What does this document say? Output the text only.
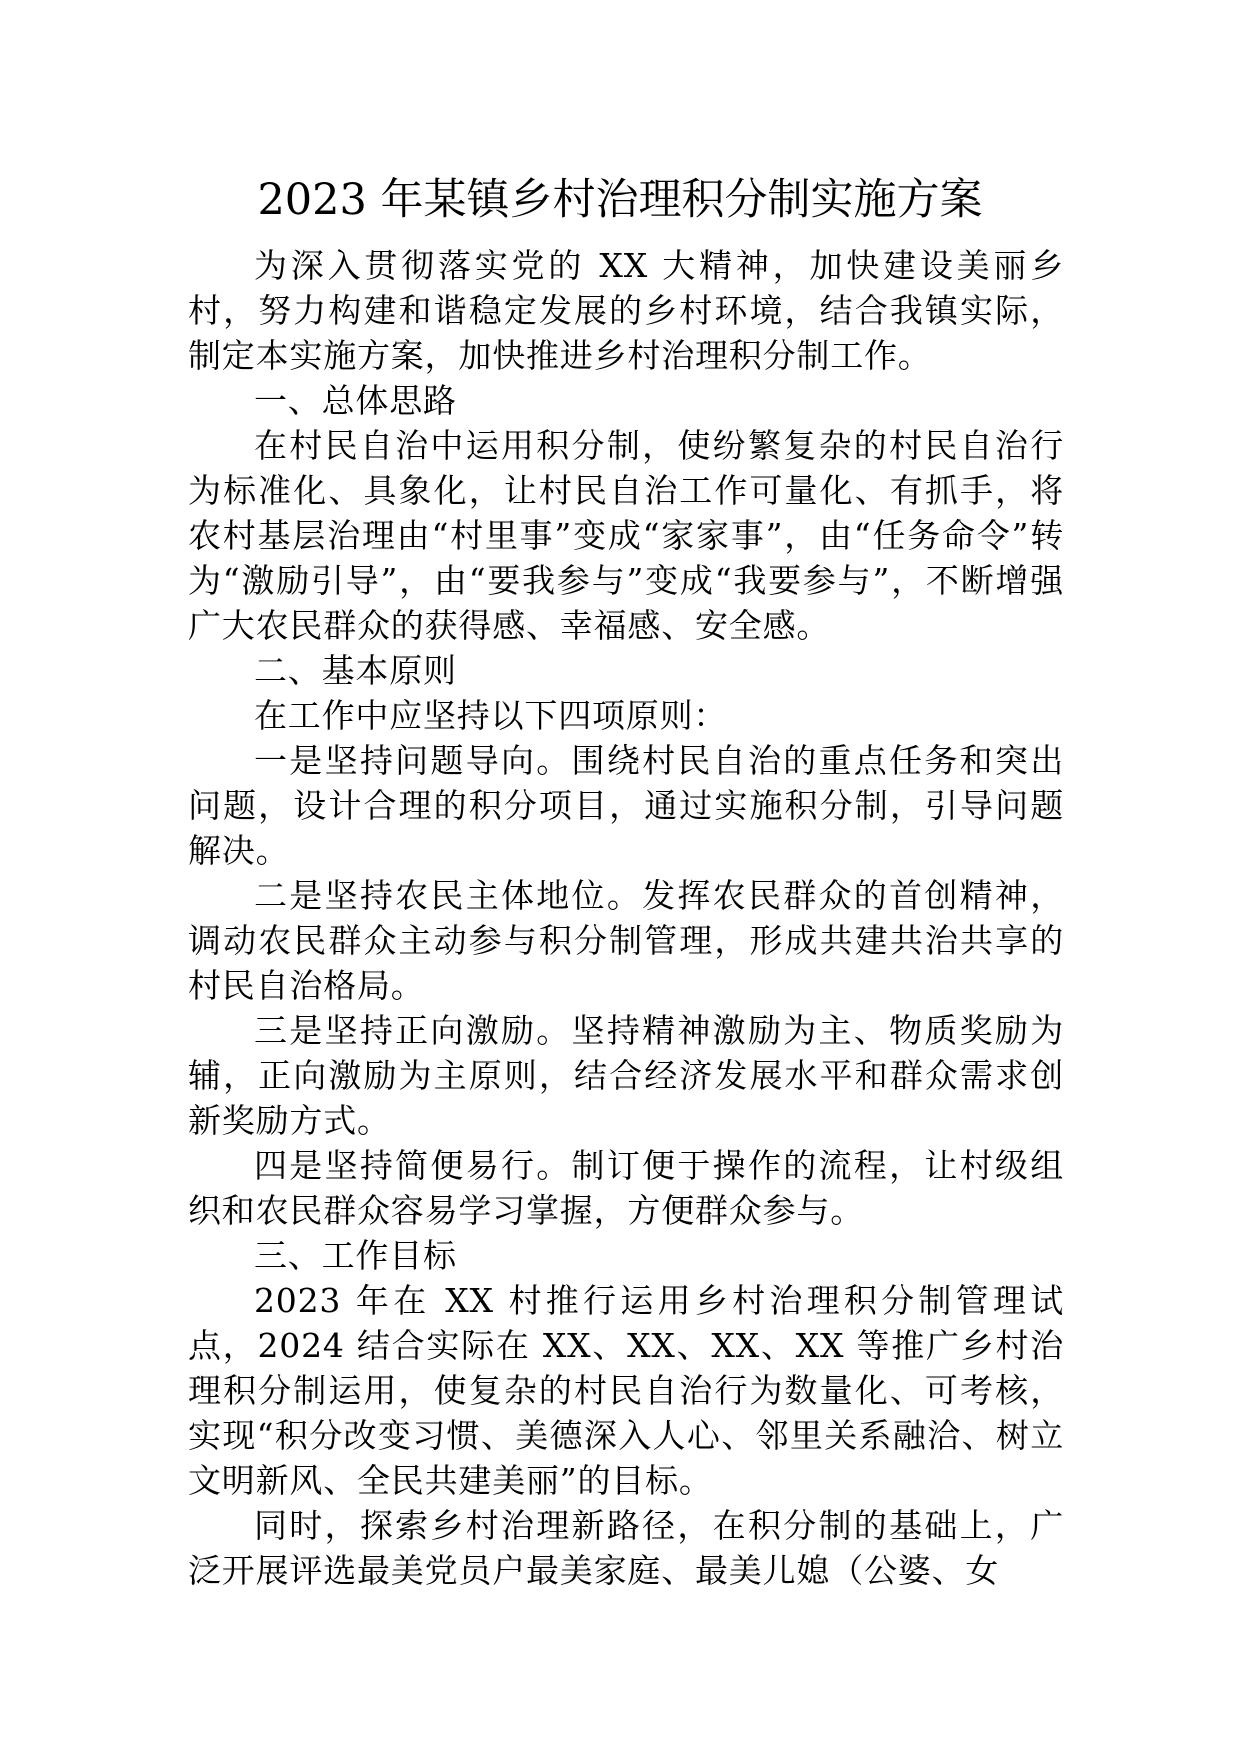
2023 年某镇乡村治理积分制实施方案

为深入贯彻落实党的 XX 大精神，加快建设美丽乡村，努力构建和谐稳定发展的乡村环境，结合我镇实际，制定本实施方案，加快推进乡村治理积分制工作。

一、总体思路

在村民自治中运用积分制，使纷繁复杂的村民自治行为标准化、具象化，让村民自治工作可量化、有抓手，将农村基层治理由“村里事”变成“家家事”，由“任务命令”转为“激励引导”，由“要我参与”变成“我要参与”，不断增强广大农民群众的获得感、幸福感、安全感。

二、基本原则

在工作中应坚持以下四项原则：

一是坚持问题导向。围绕村民自治的重点任务和突出问题，设计合理的积分项目，通过实施积分制，引导问题解决。

二是坚持农民主体地位。发挥农民群众的首创精神，调动农民群众主动参与积分制管理，形成共建共治共享的村民自治格局。

三是坚持正向激励。坚持精神激励为主、物质奖励为辅，正向激励为主原则，结合经济发展水平和群众需求创新奖励方式。

四是坚持简便易行。制订便于操作的流程，让村级组织和农民群众容易学习掌握，方便群众参与。

三、工作目标

2023 年在 XX 村推行运用乡村治理积分制管理试点，2024 结合实际在 XX、XX、XX、XX 等推广乡村治理积分制运用，使复杂的村民自治行为数量化、可考核，实现“积分改变习惯、美德深入人心、邻里关系融洽、树立文明新风、全民共建美丽”的目标。

同时，探索乡村治理新路径，在积分制的基础上，广泛开展评选最美党员户最美家庭、最美儿媳（公婆、女
